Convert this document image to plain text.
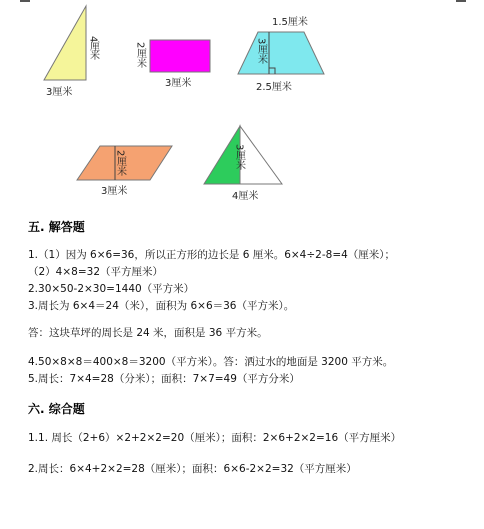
4厘米
3厘米
2厘米
3厘米
1.5厘米
3厘米
2.5厘米
2厘米
3厘米
3厘米
4厘米
五. 解答题
1.（1）因为 6×6=36，所以正方形的边长是 6 厘米。6×4÷2-8=4（厘米）；
（2）4×8=32（平方厘米）
2.30×50-2×30=1440（平方米）
3.周长为 6×4＝24（米），面积为 6×6＝36（平方米）。
答：这块草坪的周长是 24 米，面积是 36 平方米。
4.50×8×8＝400×8＝3200（平方米）。答：洒过水的地面是 3200 平方米。
5.周长：7×4=28（分米）；面积：7×7=49（平方分米）
六. 综合题
1.1. 周长（2+6）×2+2×2=20（厘米）；面积：2×6+2×2=16（平方厘米）
2.周长：6×4+2×2=28（厘米）；面积：6×6-2×2=32（平方厘米）
